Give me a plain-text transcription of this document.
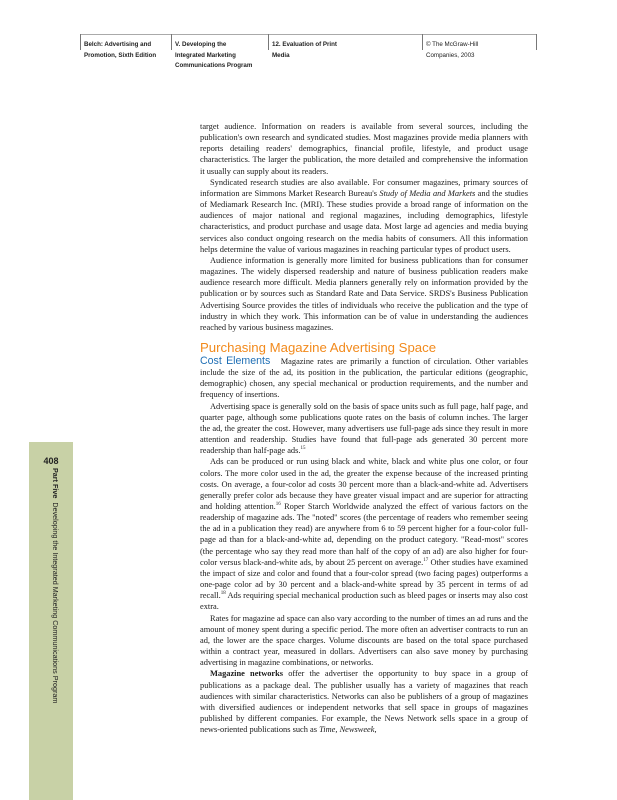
Belch: Advertising and
Promotion, Sixth Edition
V. Developing the
Integrated Marketing
Communications Program
12. Evaluation of Print
Media
© The McGraw-Hill
Companies, 2003
408
Part Five  Developing the Integrated Marketing Communications Program

target audience. Information on readers is available from several sources, including the publication's own research and syndicated studies. Most magazines provide media planners with reports detailing readers' demographics, financial profile, lifestyle, and product usage characteristics. The larger the publication, the more detailed and comprehensive the information it usually can supply about its readers.

Syndicated research studies are also available. For consumer magazines, primary sources of information are Simmons Market Research Bureau's Study of Media and Markets and the studies of Mediamark Research Inc. (MRI). These studies provide a broad range of information on the audiences of major national and regional magazines, including demographics, lifestyle characteristics, and product purchase and usage data. Most large ad agencies and media buying services also conduct ongoing research on the media habits of consumers. All this information helps determine the value of various magazines in reaching particular types of product users.

Audience information is generally more limited for business publications than for consumer magazines. The widely dispersed readership and nature of business publication readers make audience research more difficult. Media planners generally rely on information provided by the publication or by sources such as Standard Rate and Data Service. SRDS's Business Publication Advertising Source provides the titles of individuals who receive the publication and the type of industry in which they work. This information can be of value in understanding the audiences reached by various business magazines.

Purchasing Magazine Advertising Space

Cost Elements Magazine rates are primarily a function of circulation. Other variables include the size of the ad, its position in the publication, the particular editions (geographic, demographic) chosen, any special mechanical or production requirements, and the number and frequency of insertions.

Advertising space is generally sold on the basis of space units such as full page, half page, and quarter page, although some publications quote rates on the basis of column inches. The larger the ad, the greater the cost. However, many advertisers use full-page ads since they result in more attention and readership. Studies have found that full-page ads generated 30 percent more readership than half-page ads.$^{15}$

Ads can be produced or run using black and white, black and white plus one color, or four colors. The more color used in the ad, the greater the expense because of the increased printing costs. On average, a four-color ad costs 30 percent more than a black-and-white ad. Advertisers generally prefer color ads because they have greater visual impact and are superior for attracting and holding attention.$^{16}$ Roper Starch Worldwide analyzed the effect of various factors on the readership of magazine ads. The "noted" scores (the percentage of readers who remember seeing the ad in a publication they read) are anywhere from 6 to 59 percent higher for a four-color full-page ad than for a black-and-white ad, depending on the product category. "Read-most" scores (the percentage who say they read more than half of the copy of an ad) are also higher for four-color versus black-and-white ads, by about 25 percent on average.$^{17}$ Other studies have examined the impact of size and color and found that a four-color spread (two facing pages) outperforms a one-page color ad by 30 percent and a black-and-white spread by 35 percent in terms of ad recall.$^{18}$ Ads requiring special mechanical production such as bleed pages or inserts may also cost extra.

Rates for magazine ad space can also vary according to the number of times an ad runs and the amount of money spent during a specific period. The more often an advertiser contracts to run an ad, the lower are the space charges. Volume discounts are based on the total space purchased within a contract year, measured in dollars. Advertisers can also save money by purchasing advertising in magazine combinations, or networks.

Magazine networks offer the advertiser the opportunity to buy space in a group of publications as a package deal. The publisher usually has a variety of magazines that reach audiences with similar characteristics. Networks can also be publishers of a group of magazines with diversified audiences or independent networks that sell space in groups of magazines published by different companies. For example, the News Network sells space in a group of news-oriented publications such as Time, Newsweek,
